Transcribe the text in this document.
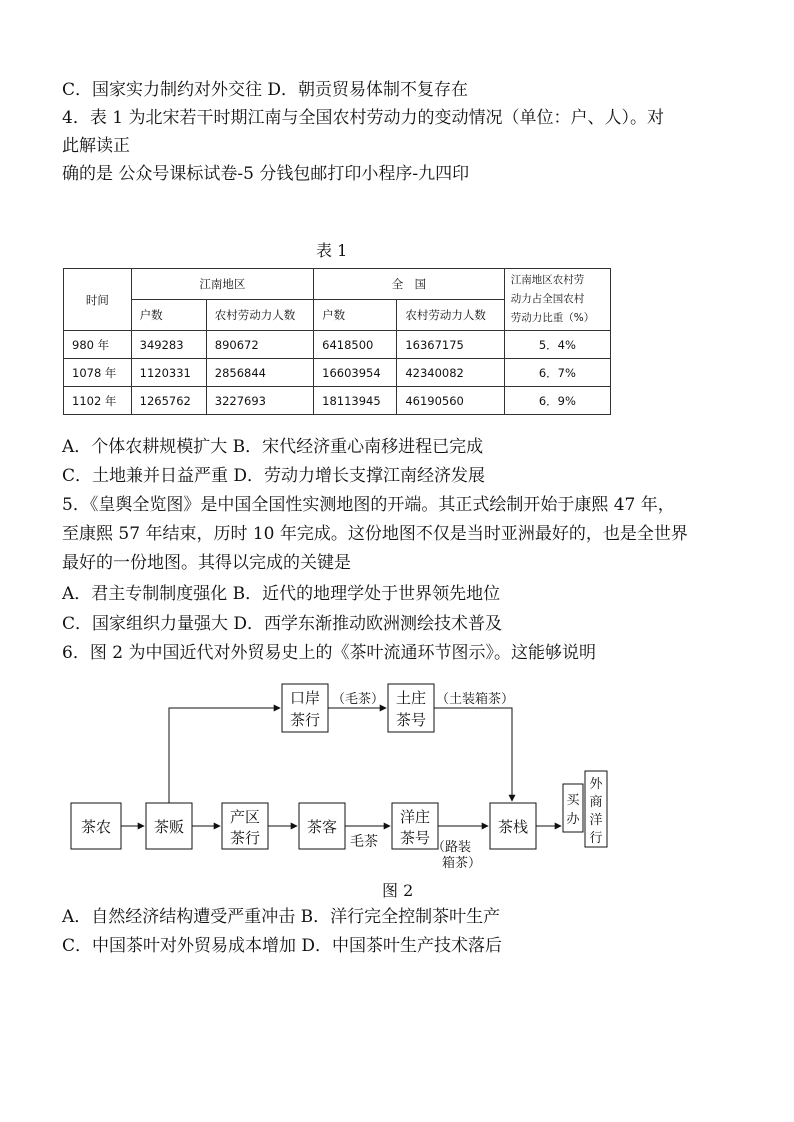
C．国家实力制约对外交往 D．朝贡贸易体制不复存在
4．表 1 为北宋若干时期江南与全国农村劳动力的变动情况（单位：户、人）。对
此解读正
确的是 公众号课标试卷-5 分钱包邮打印小程序-九四印
表 1
时间	江南地区		全　国		江南地区农村劳
动力占全国农村
劳动力比重（%）

	户数	农村劳动力人数	户数	农村劳动力人数	
980 年	349283	890672	6418500	16367175	5．4%
1078 年	1120331	2856844	16603954	42340082	6．7%
1102 年	1265762	3227693	18113945	46190560	6．9%
A．个体农耕规模扩大 B．宋代经济重心南移进程已完成
C．土地兼并日益严重 D．劳动力增长支撑江南经济发展
5．《皇舆全览图》是中国全国性实测地图的开端。其正式绘制开始于康熙 47 年，
至康熙 57 年结束，历时 10 年完成。这份地图不仅是当时亚洲最好的，也是全世界
最好的一份地图。其得以完成的关键是
A．君主专制制度强化 B．近代的地理学处于世界领先地位
C．国家组织力量强大 D．西学东渐推动欧洲测绘技术普及
6．图 2 为中国近代对外贸易史上的《茶叶流通环节图示》。这能够说明
口岸
茶行
土庄
茶号
茶农	茶贩
产区
茶行
茶客
洋庄
茶号
茶栈
买
办
外
商
洋
行
（毛茶）	（土装箱茶）
毛茶	（路装
箱茶）
图 2
A．自然经济结构遭受严重冲击 B．洋行完全控制茶叶生产
C．中国茶叶对外贸易成本增加 D．中国茶叶生产技术落后
